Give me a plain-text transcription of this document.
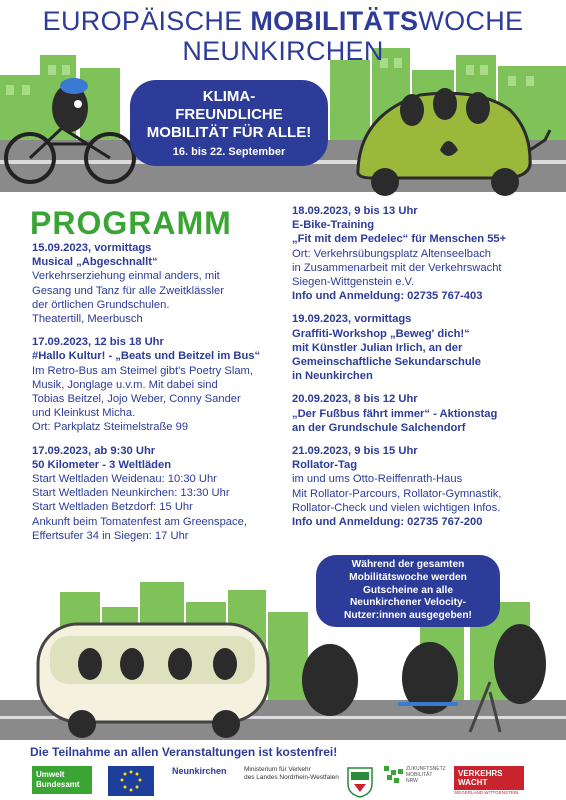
EUROPÄISCHE MOBILITÄTSWOCHE
NEUNKIRCHEN
KLIMA-
FREUNDLICHE
MOBILITÄT FÜR ALLE!
16. bis 22. September
PROGRAMM
15.09.2023, vormittags
Musical „Abgeschnallt“
Verkehrserziehung einmal anders, mit
Gesang und Tanz für alle Zweitklässler
der örtlichen Grundschulen.
Theatertill, Meerbusch
17.09.2023, 12 bis 18 Uhr
#Hallo Kultur! - „Beats und Beitzel im Bus“
Im Retro-Bus am Steimel gibt's Poetry Slam,
Musik, Jonglage u.v.m. Mit dabei sind
Tobias Beitzel, Jojo Weber, Conny Sander
und Kleinkust Micha.
Ort: Parkplatz Steimelstraße 99
17.09.2023, ab 9:30 Uhr
50 Kilometer - 3 Weltläden
Start Weltladen Weidenau: 10:30 Uhr
Start Weltladen Neunkirchen: 13:30 Uhr
Start Weltladen Betzdorf: 15 Uhr
Ankunft beim Tomatenfest am Greenspace,
Effertsufer 34 in Siegen: 17 Uhr
18.09.2023, 9 bis 13 Uhr
E-Bike-Training
„Fit mit dem Pedelec“ für Menschen 55+
Ort: Verkehrsübungsplatz Altenseelbach
in Zusammenarbeit mit der Verkehrswacht
Siegen-Wittgenstein e.V.
Info und Anmeldung: 02735 767-403
19.09.2023, vormittags
Graffiti-Workshop „Beweg' dich!“
mit Künstler Julian Irlich, an der
Gemeinschaftliche Sekundarschule
in Neunkirchen
20.09.2023, 8 bis 12 Uhr
„Der Fußbus fährt immer“ - Aktionstag
an der Grundschule Salchendorf
21.09.2023, 9 bis 15 Uhr
Rollator-Tag
im und ums Otto-Reiffenrath-Haus
Mit Rollator-Parcours, Rollator-Gymnastik,
Rollator-Check und vielen wichtigen Infos.
Info und Anmeldung: 02735 767-200
Während der gesamten
Mobilitätswoche werden
Gutscheine an alle
Neunkirchener Velocity-
Nutzer:innen ausgegeben!
Die Teilnahme an allen Veranstaltungen ist kostenfrei!
Umwelt
Bundesamt
Neunkirchen	Ministerium für Verkehr
des Landes Nordrhein-Westfalen
ZUKUNFTSNETZ
MOBILITÄT
NRW
VERKEHRS
WACHT
SIEGERLAND WITTGENSTEIN
